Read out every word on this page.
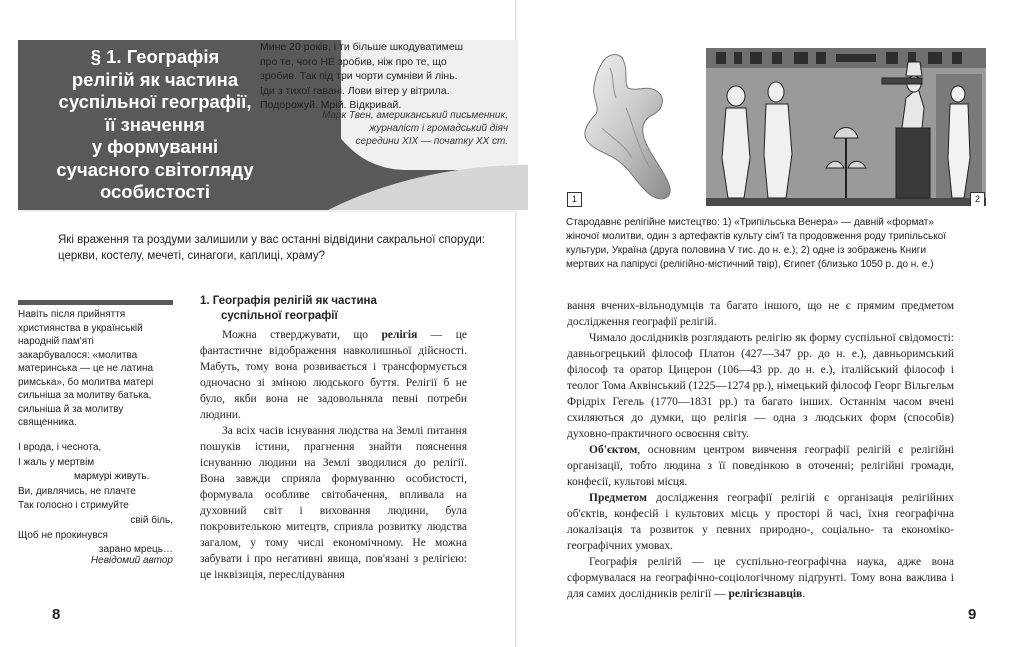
§ 1. Географія
релігій як частина
суспільної географії,
її значення
у формуванні
сучасного світогляду
особистості
Мине 20 років, і ти більше шкодуватимеш
про те, чого НЕ зробив, ніж про те, що
зробив. Так під три чорти сумніви й лінь.
Іди з тихої гавані. Лови вітер у вітрила.
Подорожуй. Мрій. Відкривай.
Марк Твен, американський письменник,
журналіст і громадський діяч
середини XIX — початку XX ст.
Які враження та роздуми залишили у вас останні відвідини сакральної споруди: церкви, костелу, мечеті, синагоги, каплиці, храму?
Навіть після прийняття
християнства в українській
народній пам'яті
закарбувалося: «молитва
материнська — це не латина
римська», бо молитва матері
сильніша за молитву батька,
сильніша й за молитву
священника.
І врода, і чеснота,
І жаль у мертвім
мармурі живуть.
Ви, дивлячись, не плачте
Так голосно і стримуйте
свій біль,
Щоб не прокинувся
зарано мрець…
Невідомий автор
1. Географія релігій як частина
суспільної географії

Можна стверджувати, що релігія — це фантастичне відображення навколишньої дійсності. Мабуть, тому вона розвивається і трансформується одночасно зі зміною людського буття. Релігії б не було, якби вона не задовольняла певні потреби людини.

За всіх часів існування людства на Землі питання пошуків істини, прагнення знайти пояснення існуванню людини на Землі зводилися до релігії. Вона завжди сприяла формуванню особистості, формувала особливе світобачення, впливала на духовний світ і виховання людини, була покровителькою митецтв, сприяла розвитку людства загалом, у тому числі економічному. Не можна забувати і про негативні явища, пов'язані з релігією: це інквізиція, переслідування

вання вчених-вільнодумців та багато іншого, що не є прямим предметом дослідження географії релігій.

Чимало дослідників розглядають релігію як форму суспільної свідомості: давньогрецький філософ Платон (427—347 рр. до н. е.), давньоримський філософ та оратор Цицерон (106—43 рр. до н. е.), італійський філософ і теолог Тома Аквінський (1225—1274 рр.), німецький філософ Георг Вільгельм Фрідріх Гегель (1770—1831 рр.) та багато інших. Останнім часом вчені схиляються до думки, що релігія — одна з людських форм (способів) духовно-практичного освоєння світу.

Об'єктом, основним центром вивчення географії релігій є релігійні організації, тобто людина з її поведінкою в оточенні; релігійні громади, конфесії, культові місця.

Предметом дослідження географії релігій є організація релігійних об'єктів, конфесій і культових місць у просторі й часі, їхня географічна локалізація та розвиток у певних природно-, соціально- та економіко-географічних умовах.

Географія релігій — це суспільно-географічна наука, адже вона сформувалася на географічно-соціологічному підґрунті. Тому вона важлива і для самих дослідників релігії — релігієзнавців.

8	9
1	2
Стародавнє релігійне мистецтво: 1) «Трипільська Венера» — давній «формат»
жіночої молитви, один з артефактів культу сім'ї та продовження роду трипільської
культури, Україна (друга половина V тис. до н. е.); 2) одне із зображень Книги
мертвих на папірусі (релігійно-містичний твір), Єгипет (близько 1050 р. до н. е.)
